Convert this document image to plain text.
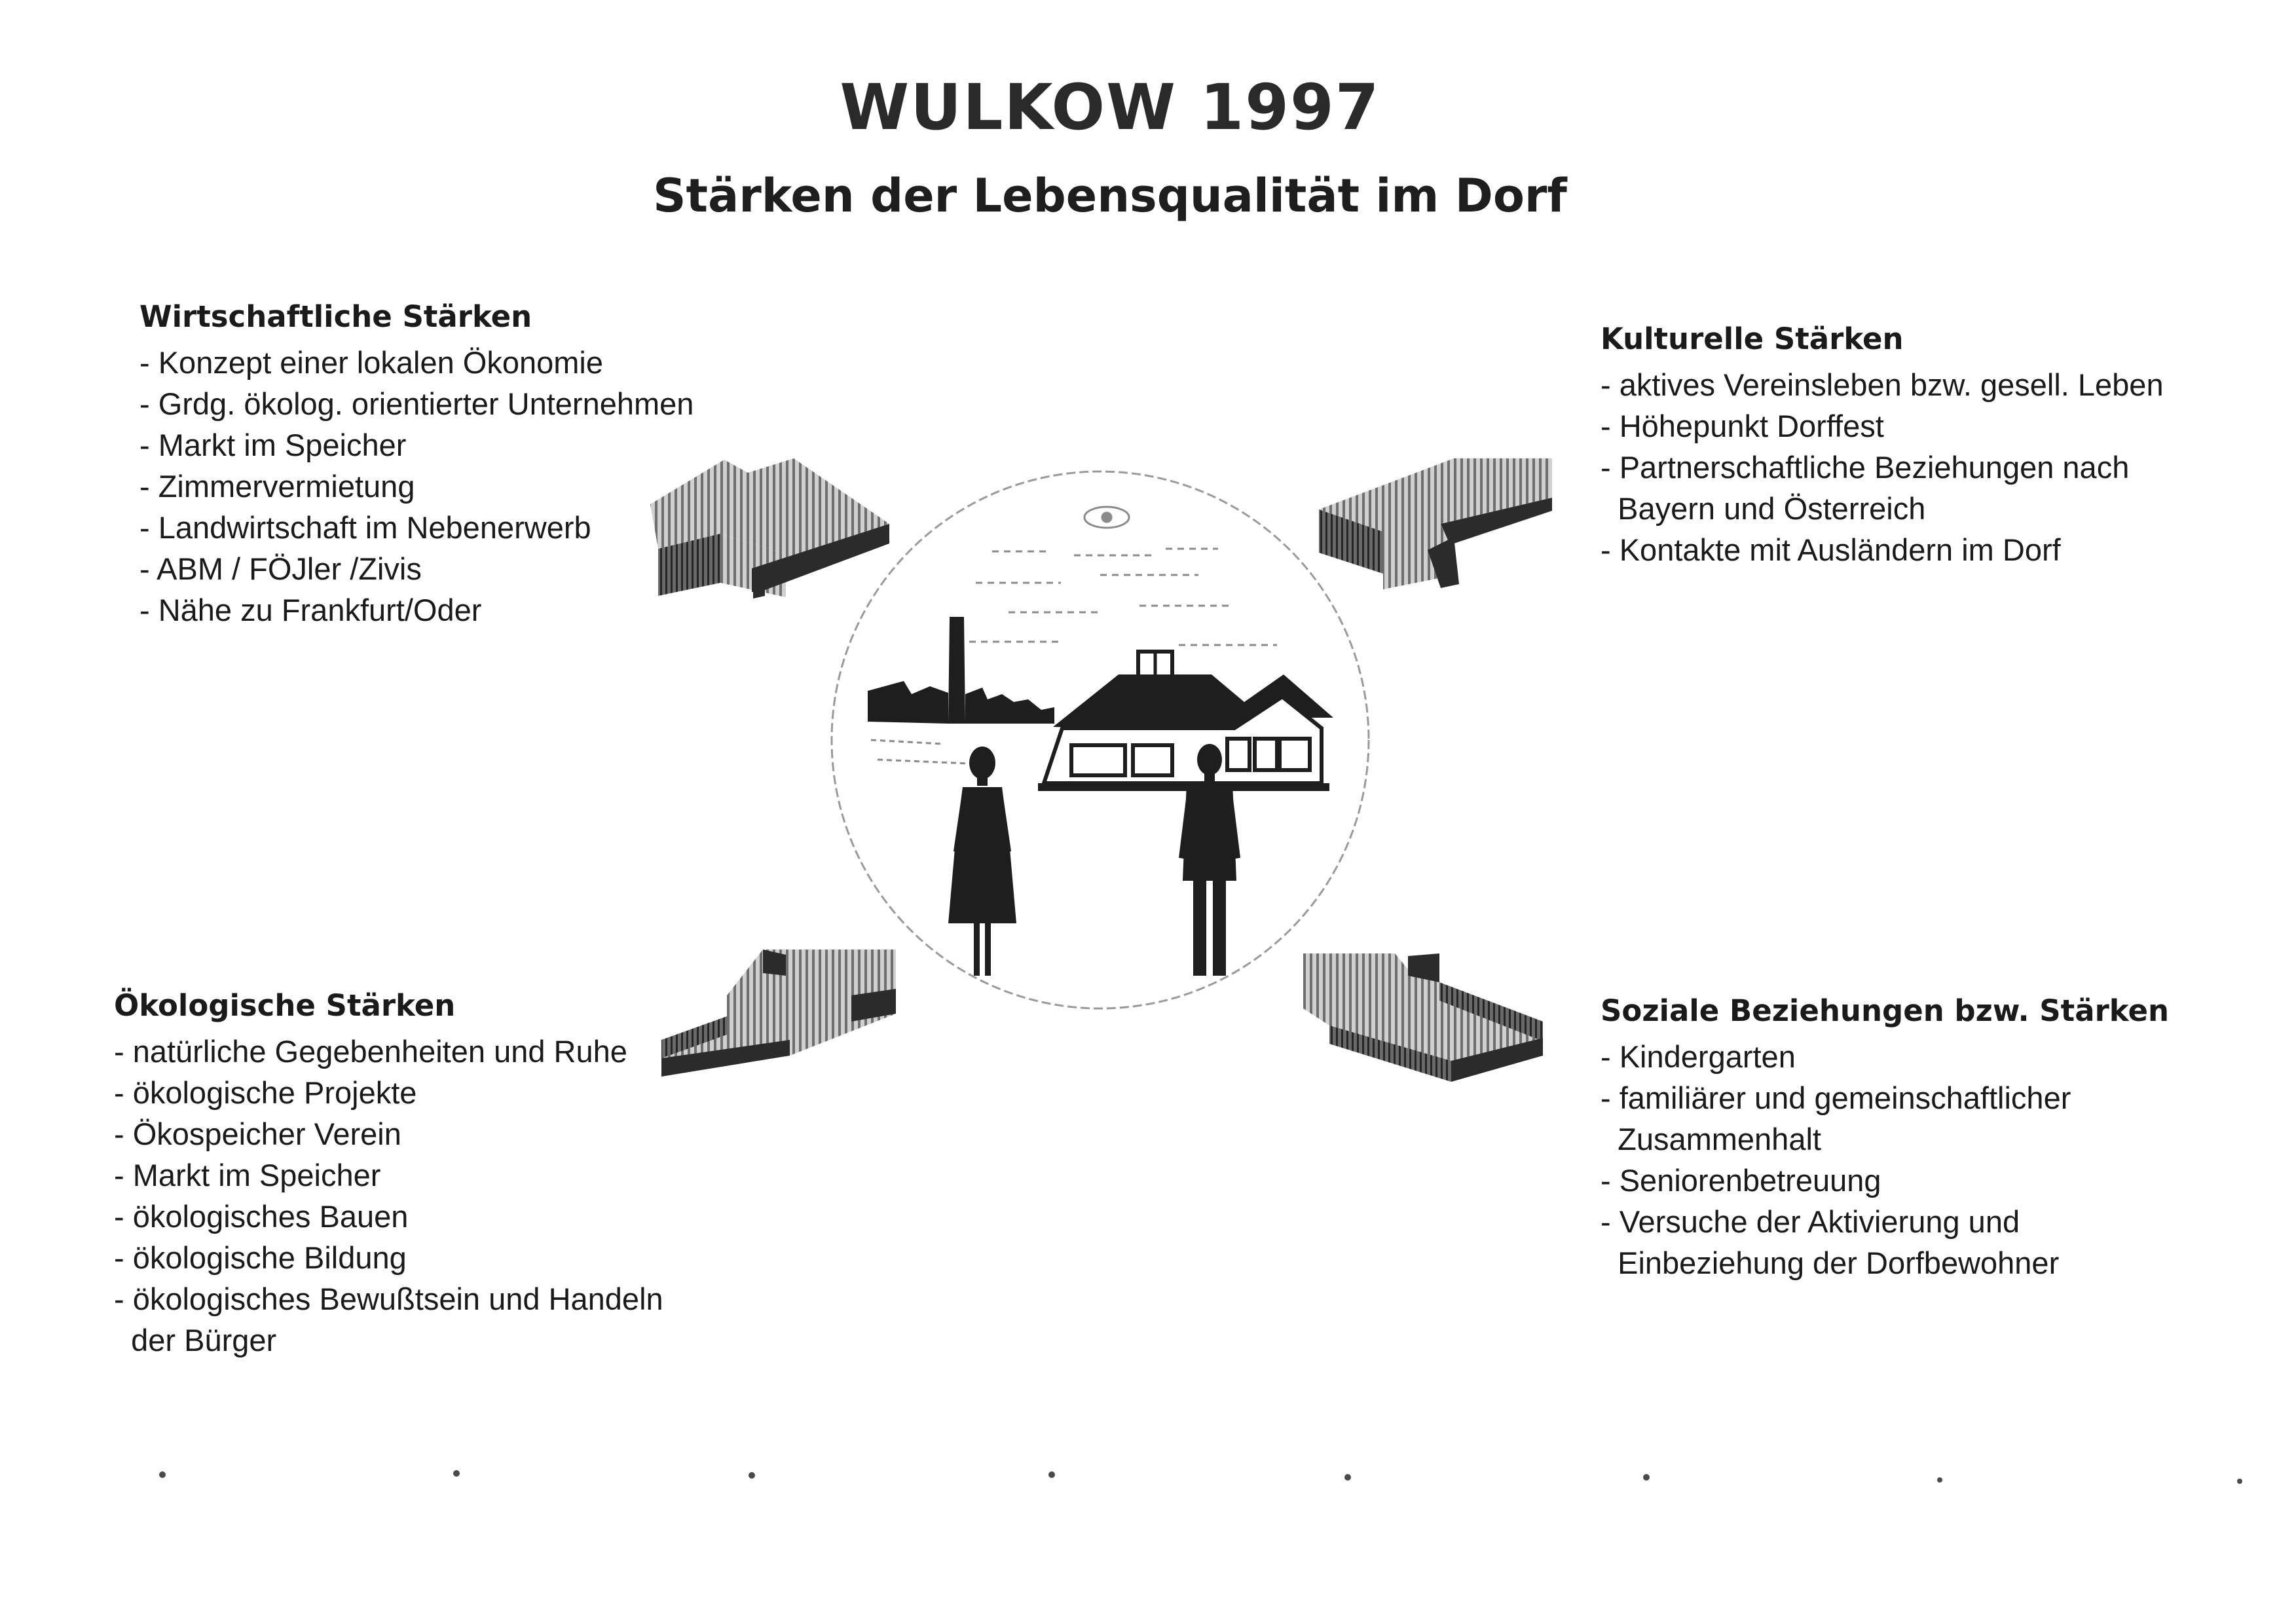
WULKOW 1997
Stärken der Lebensqualität im Dorf
Wirtschaftliche Stärken
- Konzept einer lokalen Ökonomie
- Grdg. ökolog. orientierter Unternehmen
- Markt im Speicher
- Zimmervermietung
- Landwirtschaft im Nebenerwerb
- ABM / FÖJler /Zivis
- Nähe zu Frankfurt/Oder
Kulturelle Stärken
- aktives Vereinsleben bzw. gesell. Leben
- Höhepunkt Dorffest
- Partnerschaftliche Beziehungen nach
Bayern und Österreich
- Kontakte mit Ausländern im Dorf
Ökologische Stärken
- natürliche Gegebenheiten und Ruhe
- ökologische Projekte
- Ökospeicher Verein
- Markt im Speicher
- ökologisches Bauen
- ökologische Bildung
- ökologisches Bewußtsein und Handeln
der Bürger
Soziale Beziehungen bzw. Stärken
- Kindergarten
- familiärer und gemeinschaftlicher
Zusammenhalt
- Seniorenbetreuung
- Versuche der Aktivierung und
Einbeziehung der Dorfbewohner
